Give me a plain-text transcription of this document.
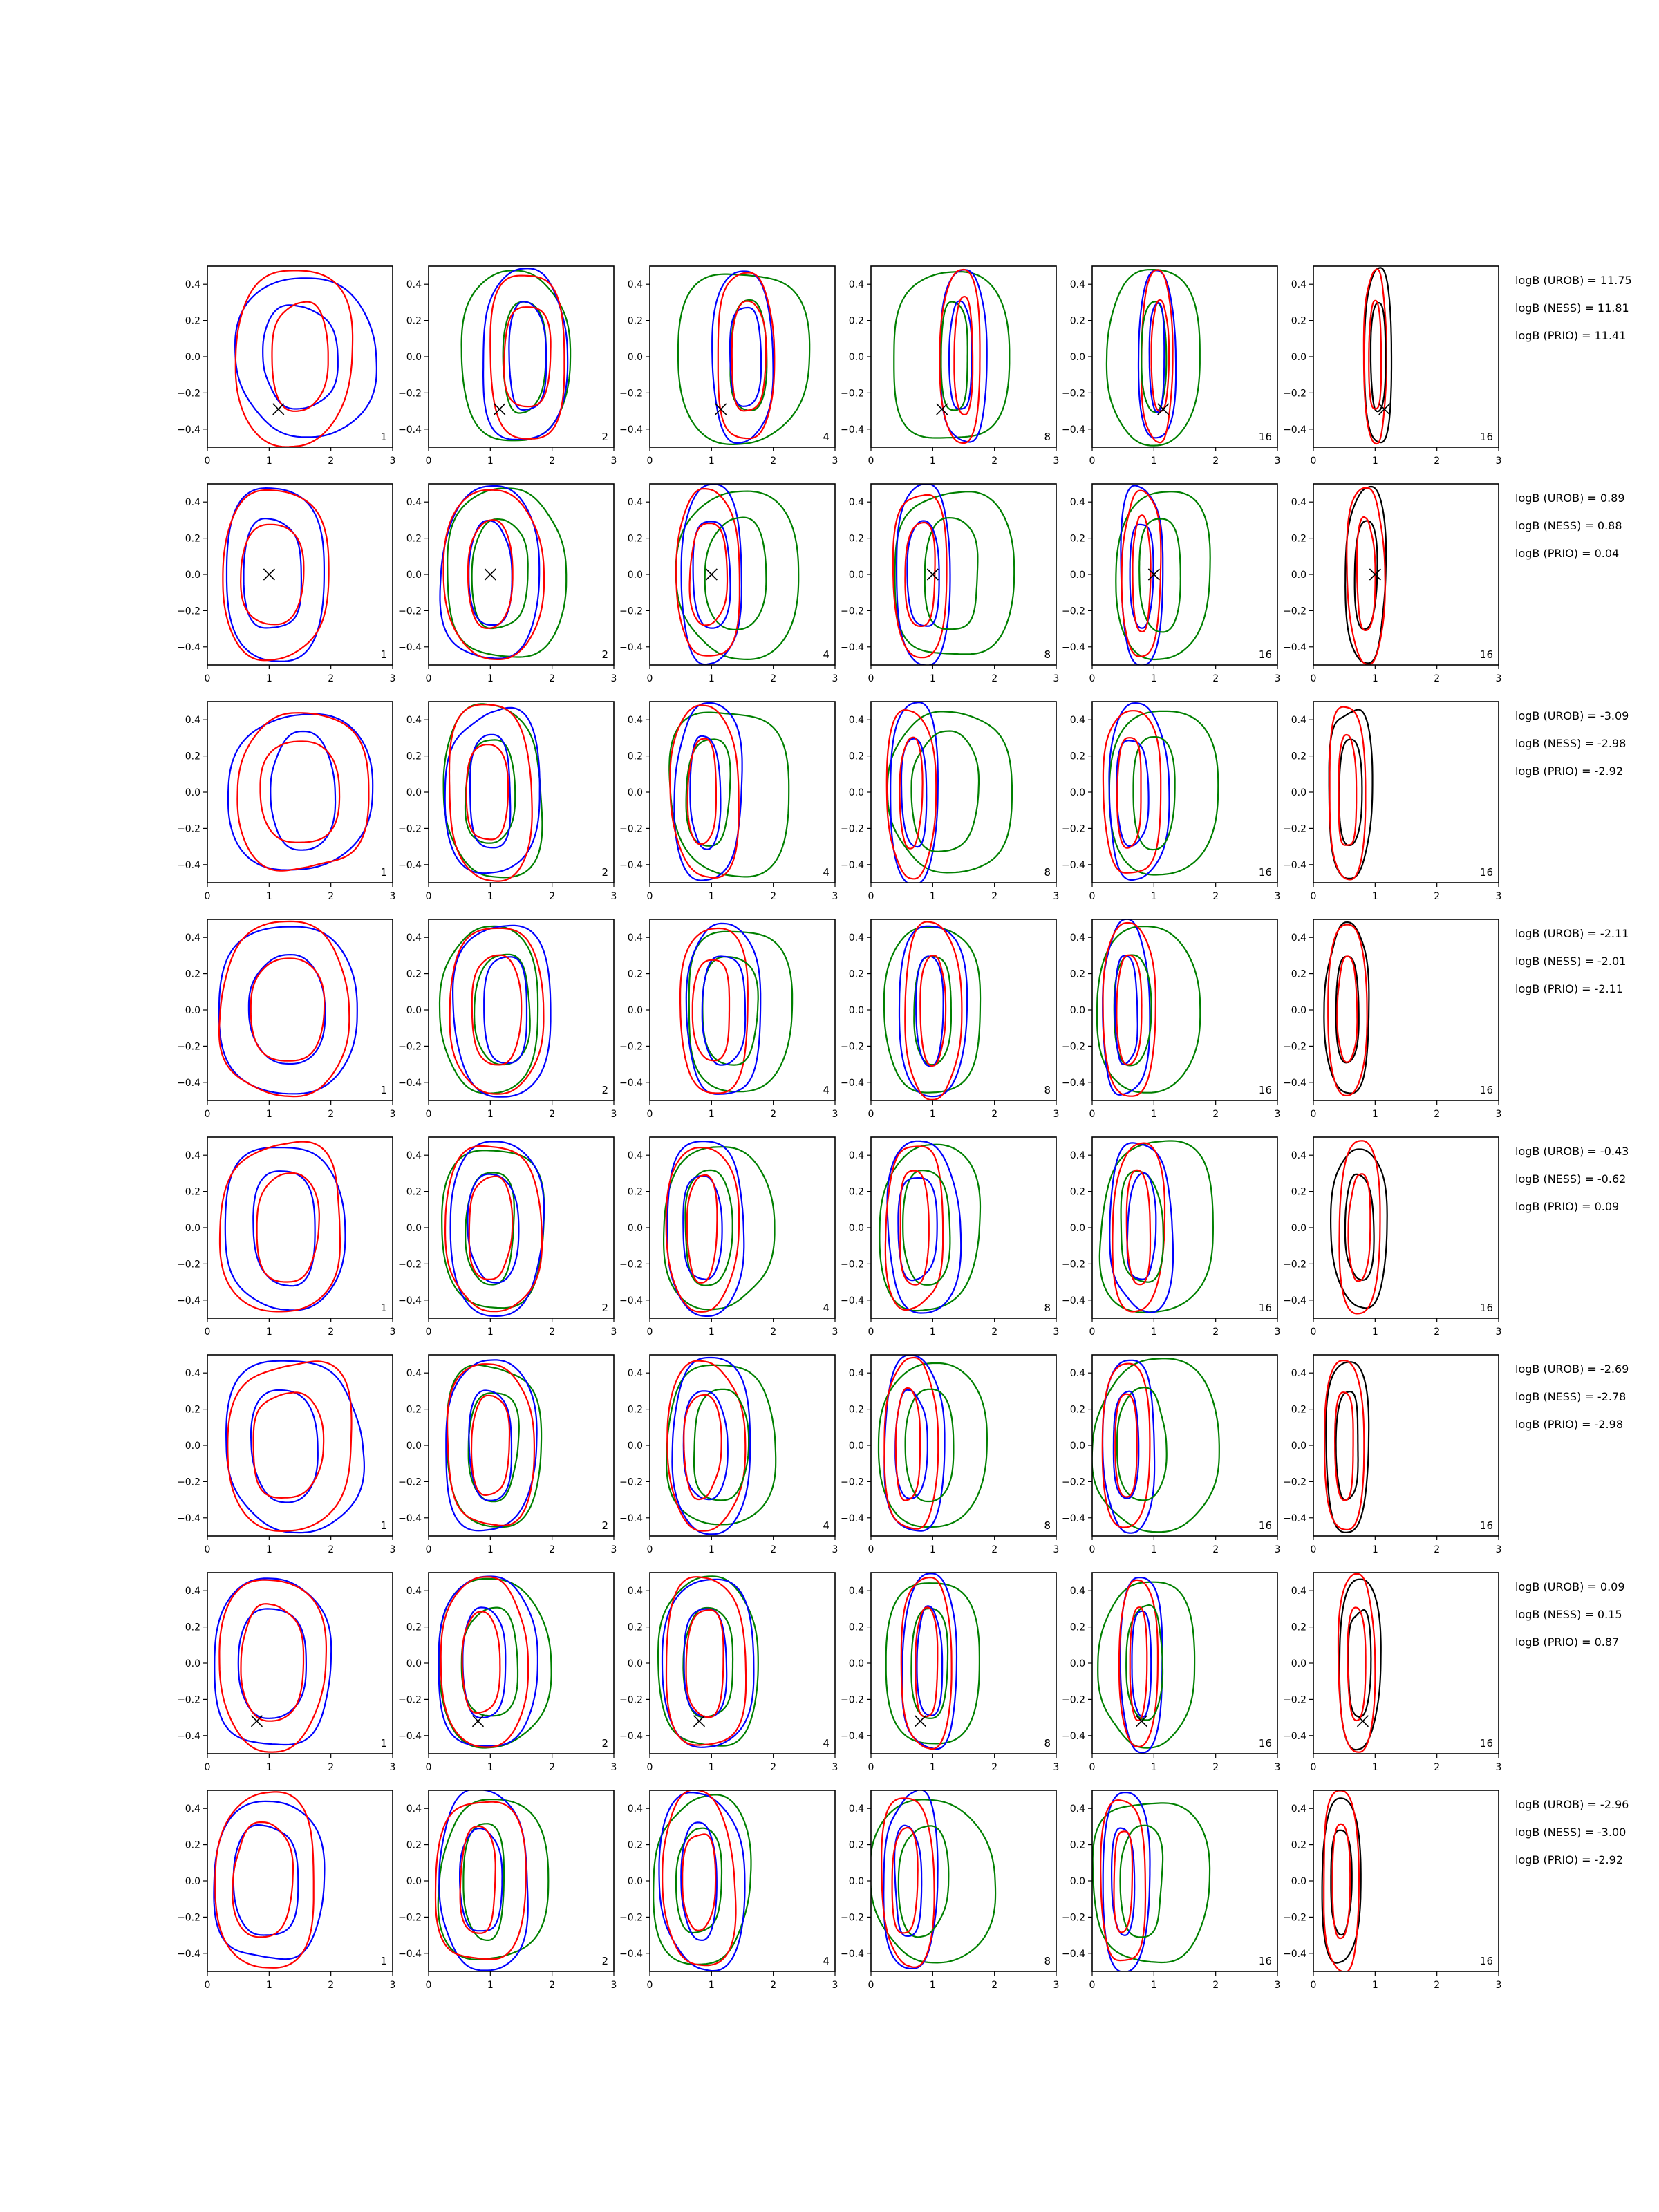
0.4
0.2
0.0
−0.2
−0.4
0	1	2	3
1
0.4
0.2
0.0
−0.2
−0.4
0	1	2	3
2
0.4
0.2
0.0
−0.2
−0.4
0	1	2	3
4
0.4
0.2
0.0
−0.2
−0.4
0	1	2	3
8
0.4
0.2
0.0
−0.2
−0.4
0	1	2	3
16
0.4
0.2
0.0
−0.2
−0.4
0	1	2	3
16
logB (UROB) = 11.75
logB (NESS) = 11.81
logB (PRIO) = 11.41
0.4
0.2
0.0
−0.2
−0.4
0	1	2	3
1
0.4
0.2
0.0
−0.2
−0.4
0	1	2	3
2
0.4
0.2
0.0
−0.2
−0.4
0	1	2	3
4
0.4
0.2
0.0
−0.2
−0.4
0	1	2	3
8
0.4
0.2
0.0
−0.2
−0.4
0	1	2	3
16
0.4
0.2
0.0
−0.2
−0.4
0	1	2	3
16
logB (UROB) = 0.89
logB (NESS) = 0.88
logB (PRIO) = 0.04
0.4
0.2
0.0
−0.2
−0.4
0	1	2	3
1
0.4
0.2
0.0
−0.2
−0.4
0	1	2	3
2
0.4
0.2
0.0
−0.2
−0.4
0	1	2	3
4
0.4
0.2
0.0
−0.2
−0.4
0	1	2	3
8
0.4
0.2
0.0
−0.2
−0.4
0	1	2	3
16
0.4
0.2
0.0
−0.2
−0.4
0	1	2	3
16
logB (UROB) = -3.09
logB (NESS) = -2.98
logB (PRIO) = -2.92
0.4
0.2
0.0
−0.2
−0.4
0	1	2	3
1
0.4
0.2
0.0
−0.2
−0.4
0	1	2	3
2
0.4
0.2
0.0
−0.2
−0.4
0	1	2	3
4
0.4
0.2
0.0
−0.2
−0.4
0	1	2	3
8
0.4
0.2
0.0
−0.2
−0.4
0	1	2	3
16
0.4
0.2
0.0
−0.2
−0.4
0	1	2	3
16
logB (UROB) = -2.11
logB (NESS) = -2.01
logB (PRIO) = -2.11
0.4
0.2
0.0
−0.2
−0.4
0	1	2	3
1
0.4
0.2
0.0
−0.2
−0.4
0	1	2	3
2
0.4
0.2
0.0
−0.2
−0.4
0	1	2	3
4
0.4
0.2
0.0
−0.2
−0.4
0	1	2	3
8
0.4
0.2
0.0
−0.2
−0.4
0	1	2	3
16
0.4
0.2
0.0
−0.2
−0.4
0	1	2	3
16
logB (UROB) = -0.43
logB (NESS) = -0.62
logB (PRIO) = 0.09
0.4
0.2
0.0
−0.2
−0.4
0	1	2	3
1
0.4
0.2
0.0
−0.2
−0.4
0	1	2	3
2
0.4
0.2
0.0
−0.2
−0.4
0	1	2	3
4
0.4
0.2
0.0
−0.2
−0.4
0	1	2	3
8
0.4
0.2
0.0
−0.2
−0.4
0	1	2	3
16
0.4
0.2
0.0
−0.2
−0.4
0	1	2	3
16
logB (UROB) = -2.69
logB (NESS) = -2.78
logB (PRIO) = -2.98
0.4
0.2
0.0
−0.2
−0.4
0	1	2	3
1
0.4
0.2
0.0
−0.2
−0.4
0	1	2	3
2
0.4
0.2
0.0
−0.2
−0.4
0	1	2	3
4
0.4
0.2
0.0
−0.2
−0.4
0	1	2	3
8
0.4
0.2
0.0
−0.2
−0.4
0	1	2	3
16
0.4
0.2
0.0
−0.2
−0.4
0	1	2	3
16
logB (UROB) = 0.09
logB (NESS) = 0.15
logB (PRIO) = 0.87
0.4
0.2
0.0
−0.2
−0.4
0	1	2	3
1
0.4
0.2
0.0
−0.2
−0.4
0	1	2	3
2
0.4
0.2
0.0
−0.2
−0.4
0	1	2	3
4
0.4
0.2
0.0
−0.2
−0.4
0	1	2	3
8
0.4
0.2
0.0
−0.2
−0.4
0	1	2	3
16
0.4
0.2
0.0
−0.2
−0.4
0	1	2	3
16
logB (UROB) = -2.96
logB (NESS) = -3.00
logB (PRIO) = -2.92
